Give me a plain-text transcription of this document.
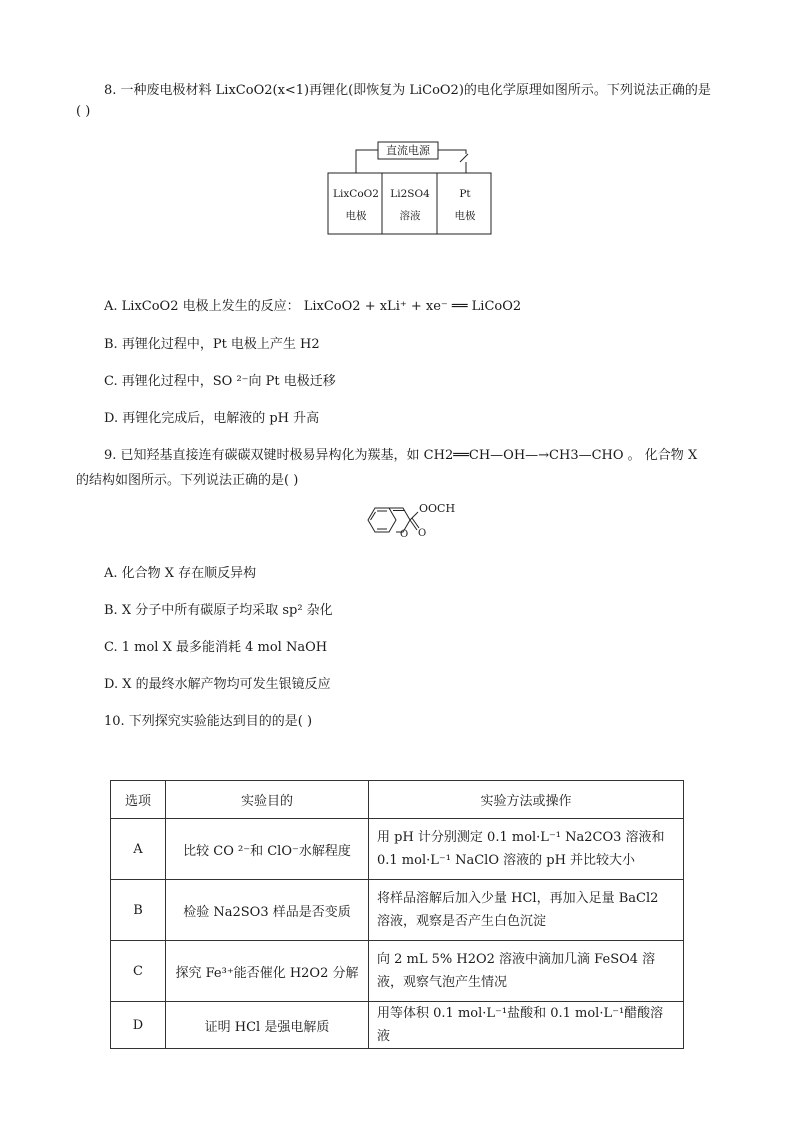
8. 一种废电极材料 LixCoO2(x<1)再锂化(即恢复为 LiCoO2)的电化学原理如图所示。下列说法正确的是
( )
直流电源
LixCoO2
电极
Li2SO4
溶液
Pt
电极
A. LixCoO2 电极上发生的反应： LixCoO2 + xLi⁺ + xe⁻ ══ LiCoO2
B. 再锂化过程中，Pt 电极上产生 H2
C. 再锂化过程中，SO ²⁻向 Pt 电极迁移
D. 再锂化完成后，电解液的 pH 升高
9. 已知羟基直接连有碳碳双键时极易异构化为羰基，如 CH2══CH—OH—→CH3—CHO 。 化合物 X
的结构如图所示。下列说法正确的是( )
OOCH
O O
A. 化合物 X 存在顺反异构
B. X 分子中所有碳原子均采取 sp² 杂化
C. 1 mol X 最多能消耗 4 mol NaOH
D. X 的最终水解产物均可发生银镜反应
10. 下列探究实验能达到目的的是( )
选项	实验目的	实验方法或操作
A	比较 CO ²⁻和 ClO⁻水解程度	用 pH 计分别测定 0.1 mol·L⁻¹ Na2CO3 溶液和 0.1 mol·L⁻¹ NaClO 溶液的 pH 并比较大小
B	检验 Na2SO3 样品是否变质	将样品溶解后加入少量 HCl，再加入足量 BaCl2 溶液，观察是否产生白色沉淀
C	探究 Fe³⁺能否催化 H2O2 分解	向 2 mL 5% H2O2 溶液中滴加几滴 FeSO4 溶液，观察气泡产生情况
D	证明 HCl 是强电解质	用等体积 0.1 mol·L⁻¹盐酸和 0.1 mol·L⁻¹醋酸溶液
